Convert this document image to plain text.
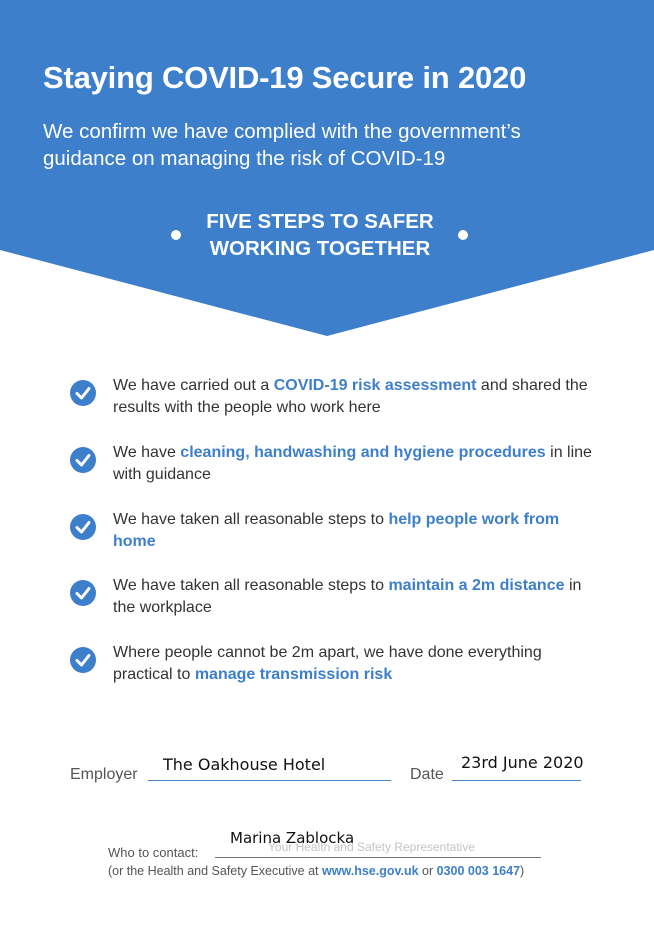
Staying COVID-19 Secure in 2020
We confirm we have complied with the government’s
guidance on managing the risk of COVID-19
FIVE STEPS TO SAFER
WORKING TOGETHER
We have carried out a COVID-19 risk assessment and shared the results with the people who work here
We have cleaning, handwashing and hygiene procedures in line with guidance
We have taken all reasonable steps to help people work from home
We have taken all reasonable steps to maintain a 2m distance in the workplace
Where people cannot be 2m apart, we have done everything practical to manage transmission risk
Employer
The Oakhouse Hotel
Date
23rd June 2020
Who to contact:	Your Health and Safety Representative
Marina Zablocka
(or the Health and Safety Executive at www.hse.gov.uk or 0300 003 1647)
